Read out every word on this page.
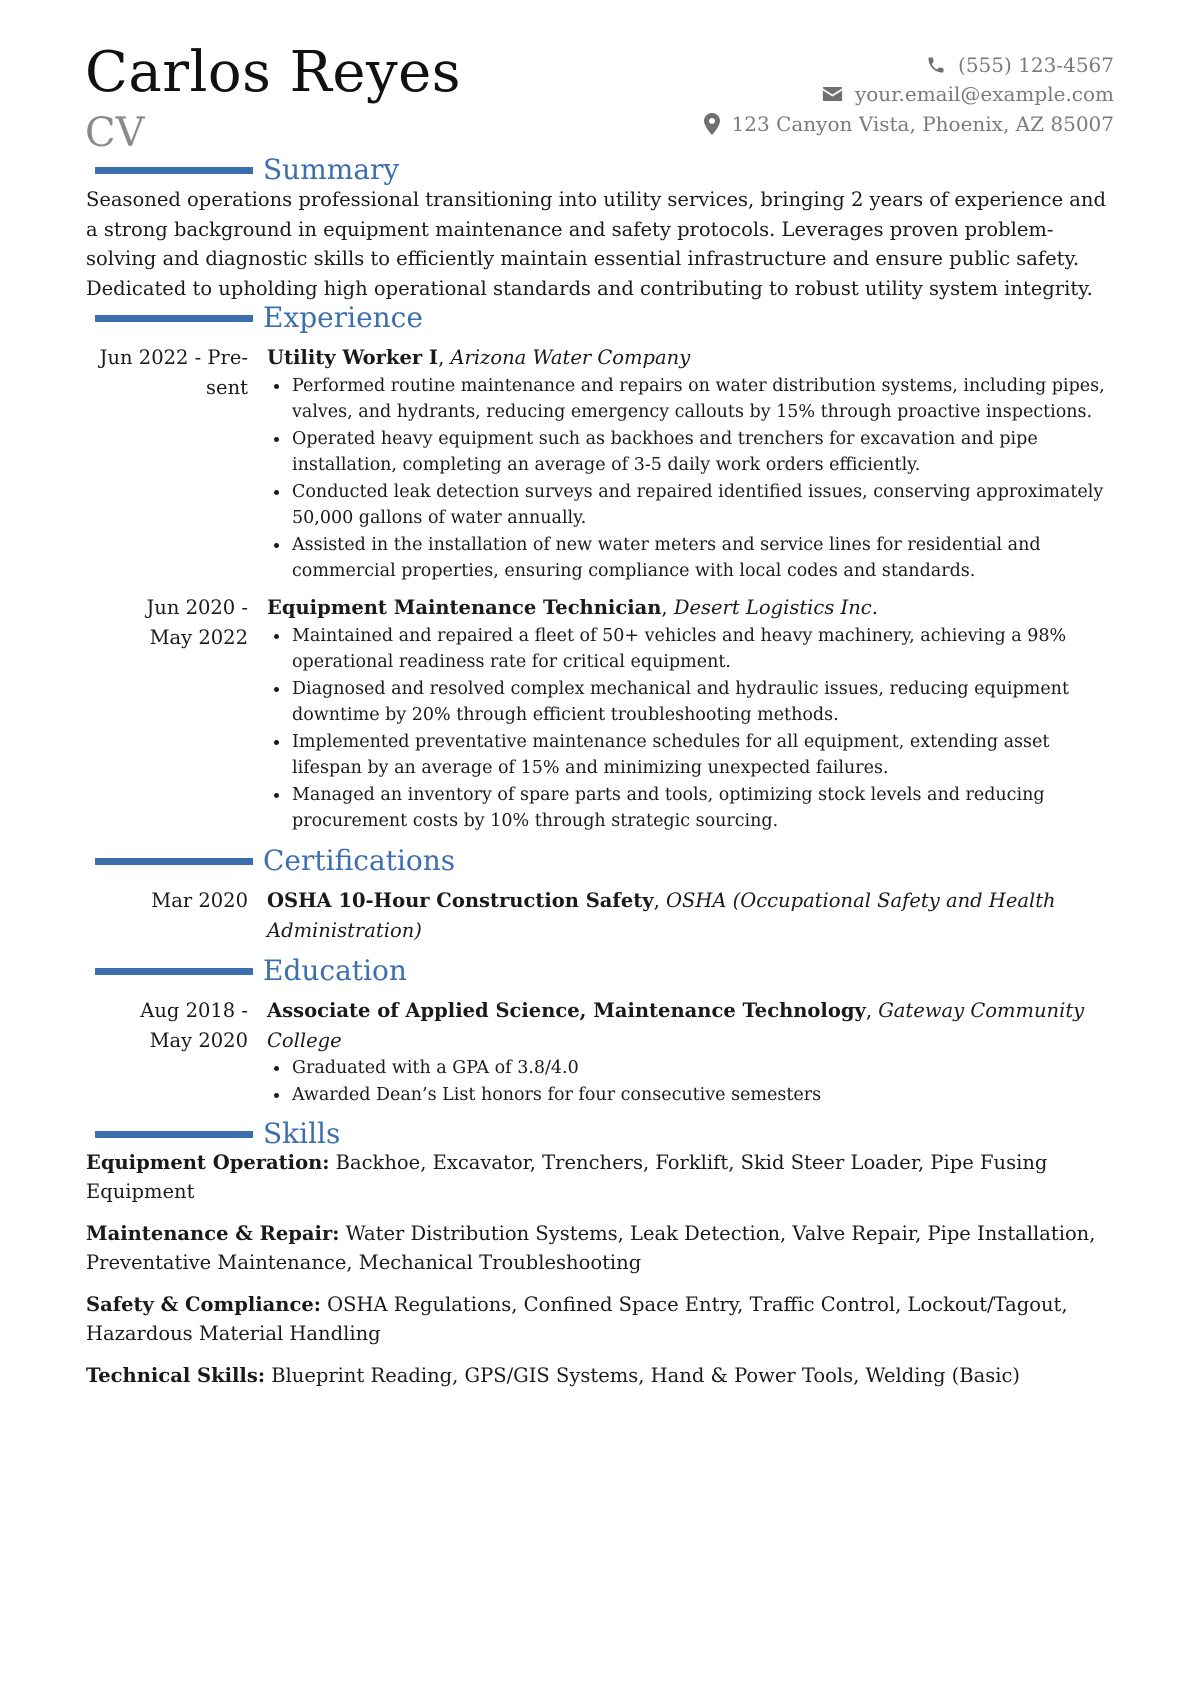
Carlos Reyes
CV
(555) 123-4567
your.email@example.com
123 Canyon Vista, Phoenix, AZ 85007
Summary

Seasoned operations professional transitioning into utility services, bringing 2 years of experience and a strong background in equipment maintenance and safety protocols. Leverages proven problem-solving and diagnostic skills to efficiently maintain essential infrastructure and ensure public safety. Dedicated to upholding high operational standards and contributing to robust utility system integrity.

Experience
Jun 2022 - Pre-
sent

Utility Worker I, Arizona Water Company

Performed routine maintenance and repairs on water distribution systems, including pipes, valves, and hydrants, reducing emergency callouts by 15% through proactive inspections.
Operated heavy equipment such as backhoes and trenchers for excavation and pipe installation, completing an average of 3-5 daily work orders efficiently.
Conducted leak detection surveys and repaired identified issues, conserving approximately 50,000 gallons of water annually.
Assisted in the installation of new water meters and service lines for residential and commercial properties, ensuring compliance with local codes and standards.
Jun 2020 -
May 2022

Equipment Maintenance Technician, Desert Logistics Inc.

Maintained and repaired a fleet of 50+ vehicles and heavy machinery, achieving a 98% operational readiness rate for critical equipment.
Diagnosed and resolved complex mechanical and hydraulic issues, reducing equipment downtime by 20% through efficient troubleshooting methods.
Implemented preventative maintenance schedules for all equipment, extending asset lifespan by an average of 15% and minimizing unexpected failures.
Managed an inventory of spare parts and tools, optimizing stock levels and reducing procurement costs by 10% through strategic sourcing.
Certifications
Mar 2020 OSHA 10-Hour Construction Safety, OSHA (Occupational Safety and Health Administration)

Education
Aug 2018 -
May 2020

Associate of Applied Science, Maintenance Technology, Gateway Community College

Graduated with a GPA of 3.8/4.0
Awarded Dean’s List honors for four consecutive semesters
Skills

Equipment Operation: Backhoe, Excavator, Trenchers, Forklift, Skid Steer Loader, Pipe Fusing Equipment

Maintenance & Repair: Water Distribution Systems, Leak Detection, Valve Repair, Pipe Installation, Preventative Maintenance, Mechanical Troubleshooting

Safety & Compliance: OSHA Regulations, Confined Space Entry, Traffic Control, Lockout/Tagout, Hazardous Material Handling

Technical Skills: Blueprint Reading, GPS/GIS Systems, Hand & Power Tools, Welding (Basic)
